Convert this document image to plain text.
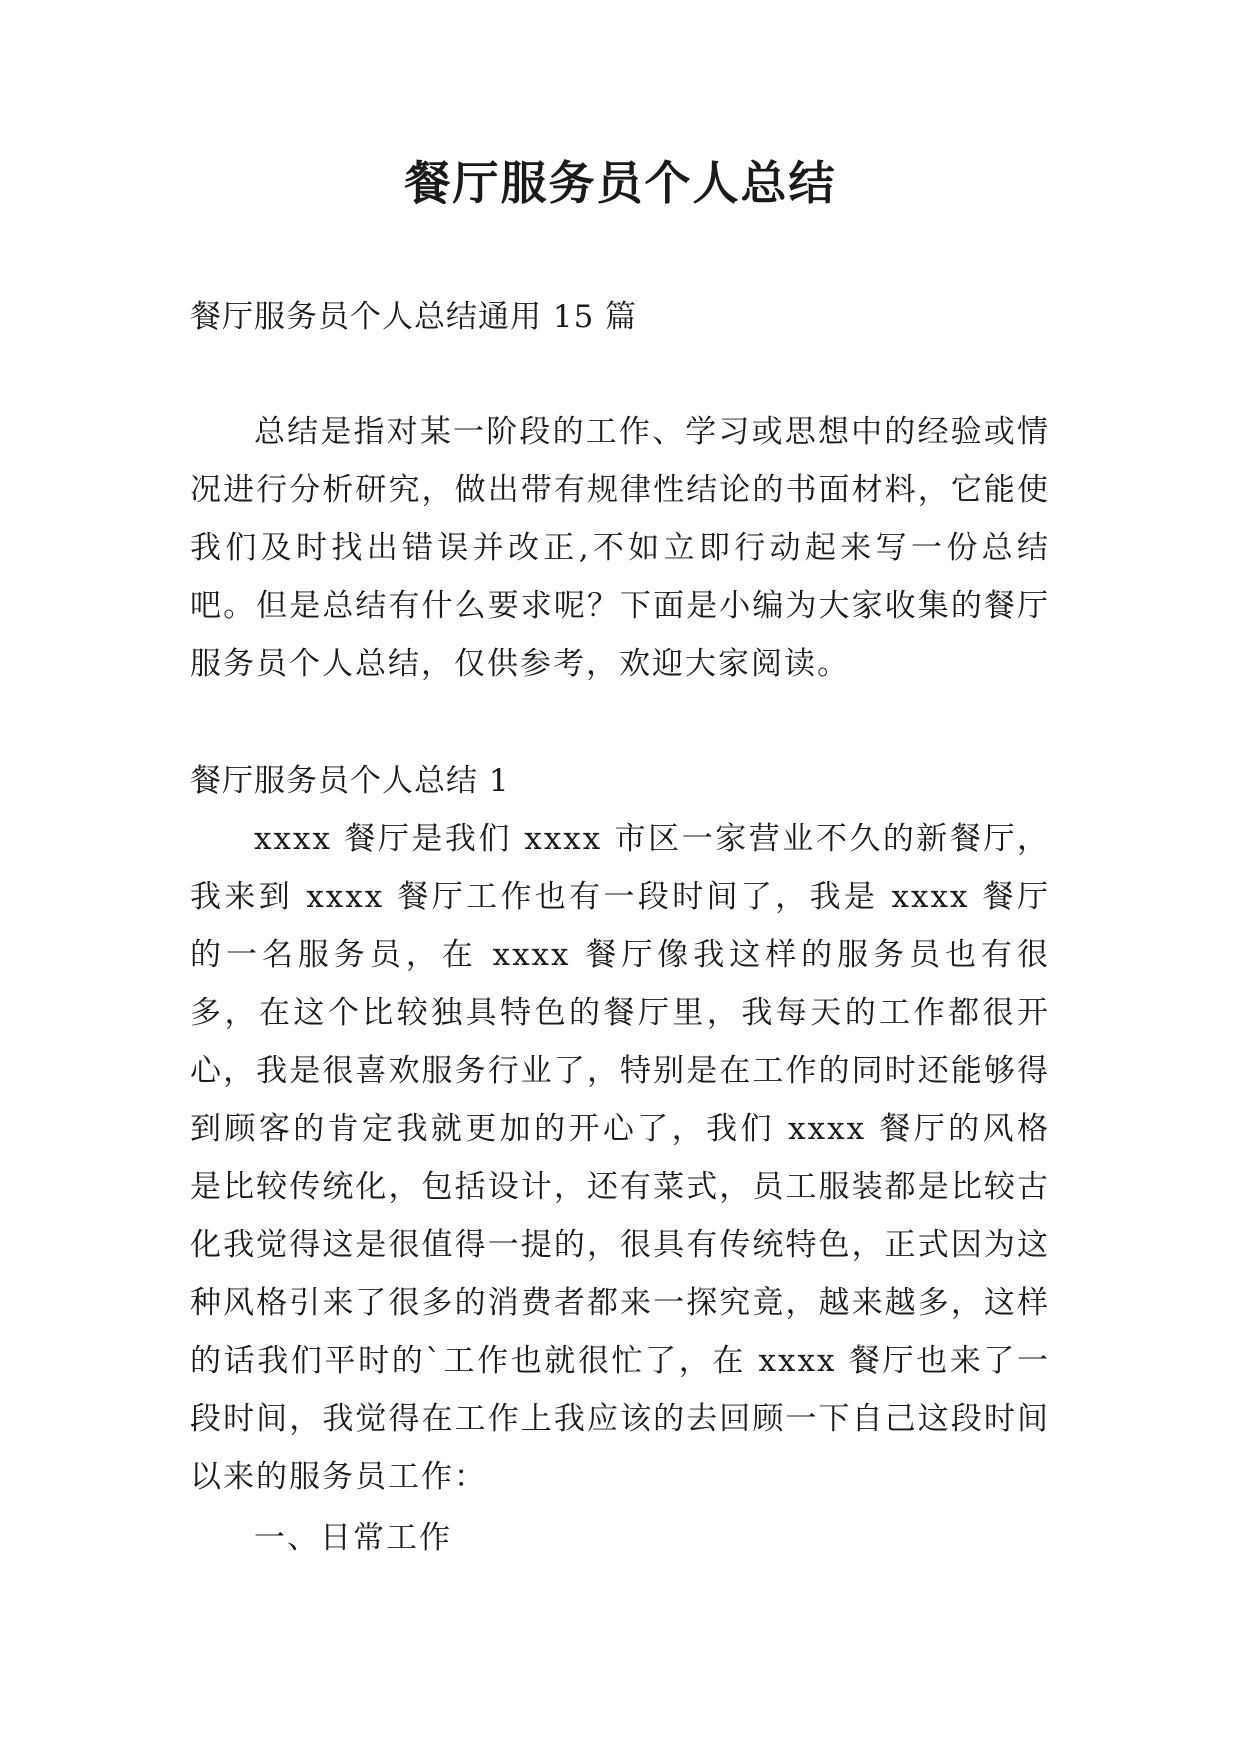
餐厅服务员个人总结

餐厅服务员个人总结通用 15 篇

总结是指对某一阶段的工作、学习或思想中的经验或情况进行分析研究，做出带有规律性结论的书面材料，它能使我们及时找出错误并改正,不如立即行动起来写一份总结吧。但是总结有什么要求呢？下面是小编为大家收集的餐厅服务员个人总结，仅供参考，欢迎大家阅读。

餐厅服务员个人总结 1

xxxx 餐厅是我们 xxxx 市区一家营业不久的新餐厅，我来到 xxxx 餐厅工作也有一段时间了，我是 xxxx 餐厅的一名服务员，在 xxxx 餐厅像我这样的服务员也有很多，在这个比较独具特色的餐厅里，我每天的工作都很开心，我是很喜欢服务行业了，特别是在工作的同时还能够得到顾客的肯定我就更加的开心了，我们 xxxx 餐厅的风格是比较传统化，包括设计，还有菜式，员工服装都是比较古化我觉得这是很值得一提的，很具有传统特色，正式因为这种风格引来了很多的消费者都来一探究竟，越来越多，这样的话我们平时的`工作也就很忙了，在 xxxx 餐厅也来了一段时间，我觉得在工作上我应该的去回顾一下自己这段时间以来的服务员工作：

一、日常工作
